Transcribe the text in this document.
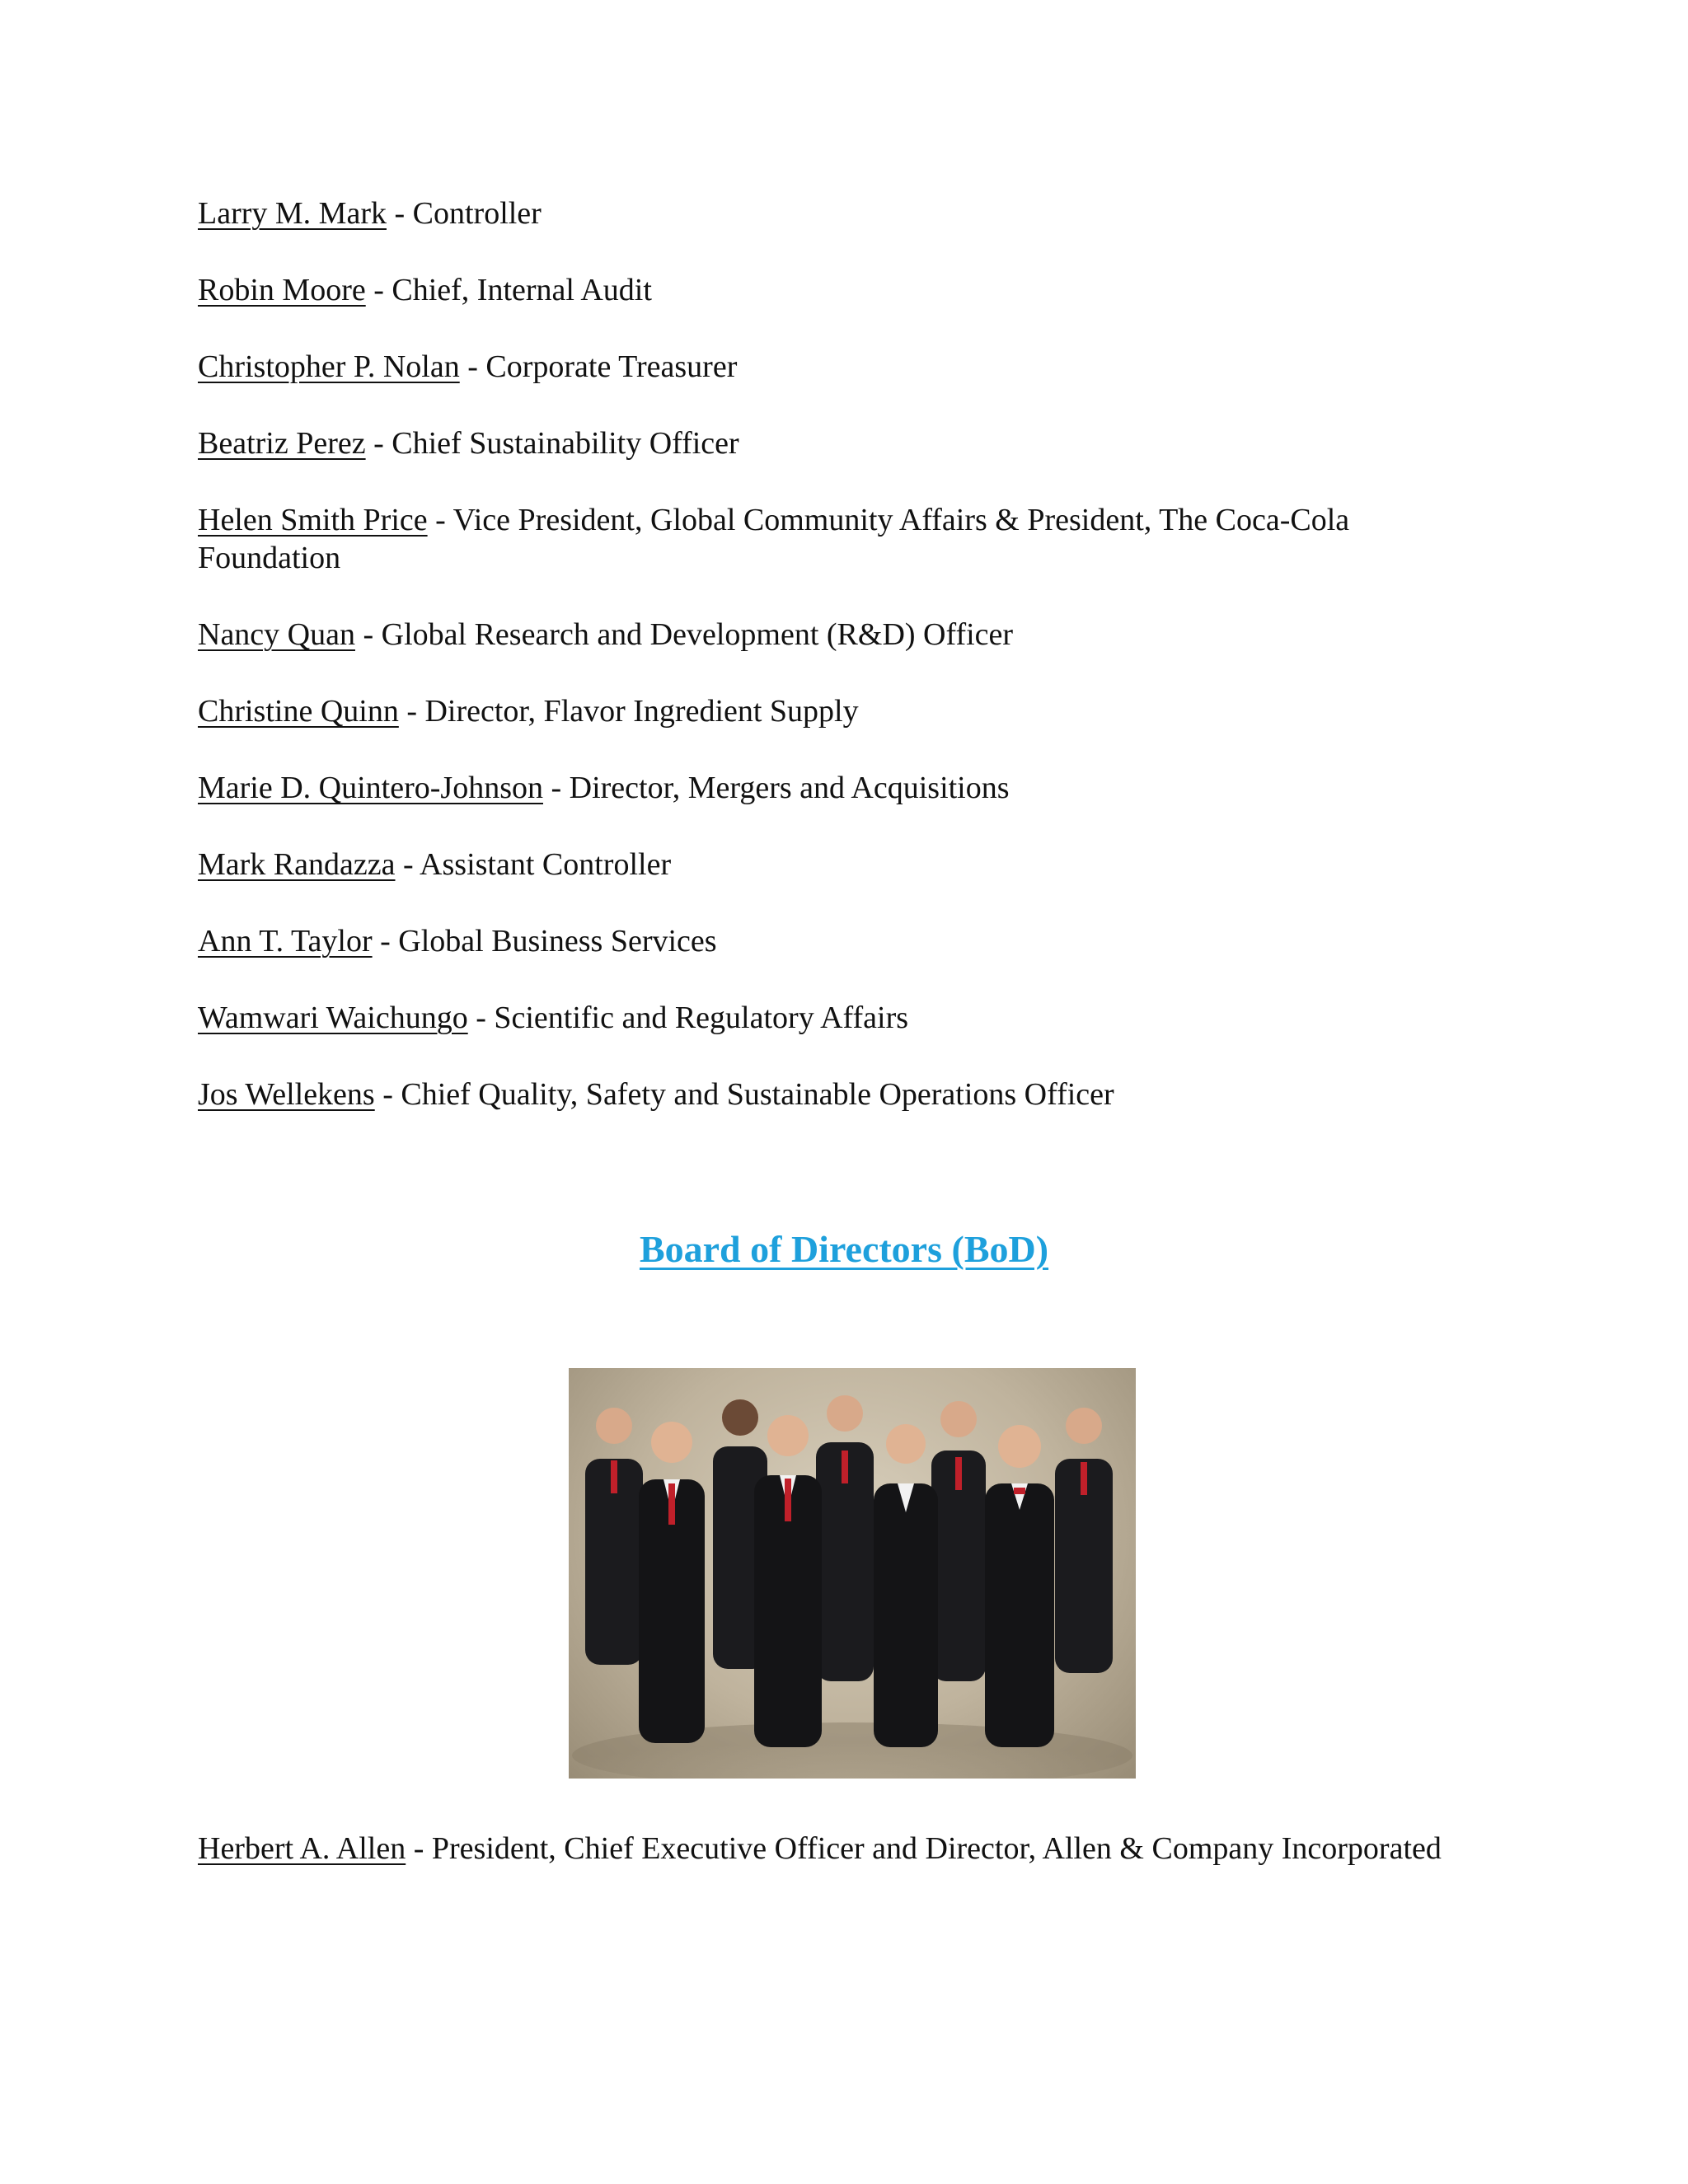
Larry M. Mark - Controller
Robin Moore - Chief, Internal Audit
Christopher P. Nolan - Corporate Treasurer
Beatriz Perez - Chief Sustainability Officer
Helen Smith Price - Vice President, Global Community Affairs & President, The Coca-Cola Foundation
Nancy Quan - Global Research and Development (R&D) Officer
Christine Quinn - Director, Flavor Ingredient Supply
Marie D. Quintero-Johnson - Director, Mergers and Acquisitions
Mark Randazza - Assistant Controller
Ann T. Taylor - Global Business Services
Wamwari Waichungo - Scientific and Regulatory Affairs
Jos Wellekens - Chief Quality, Safety and Sustainable Operations Officer
Board of Directors (BoD)
Herbert A. Allen - President, Chief Executive Officer and Director, Allen & Company Incorporated
